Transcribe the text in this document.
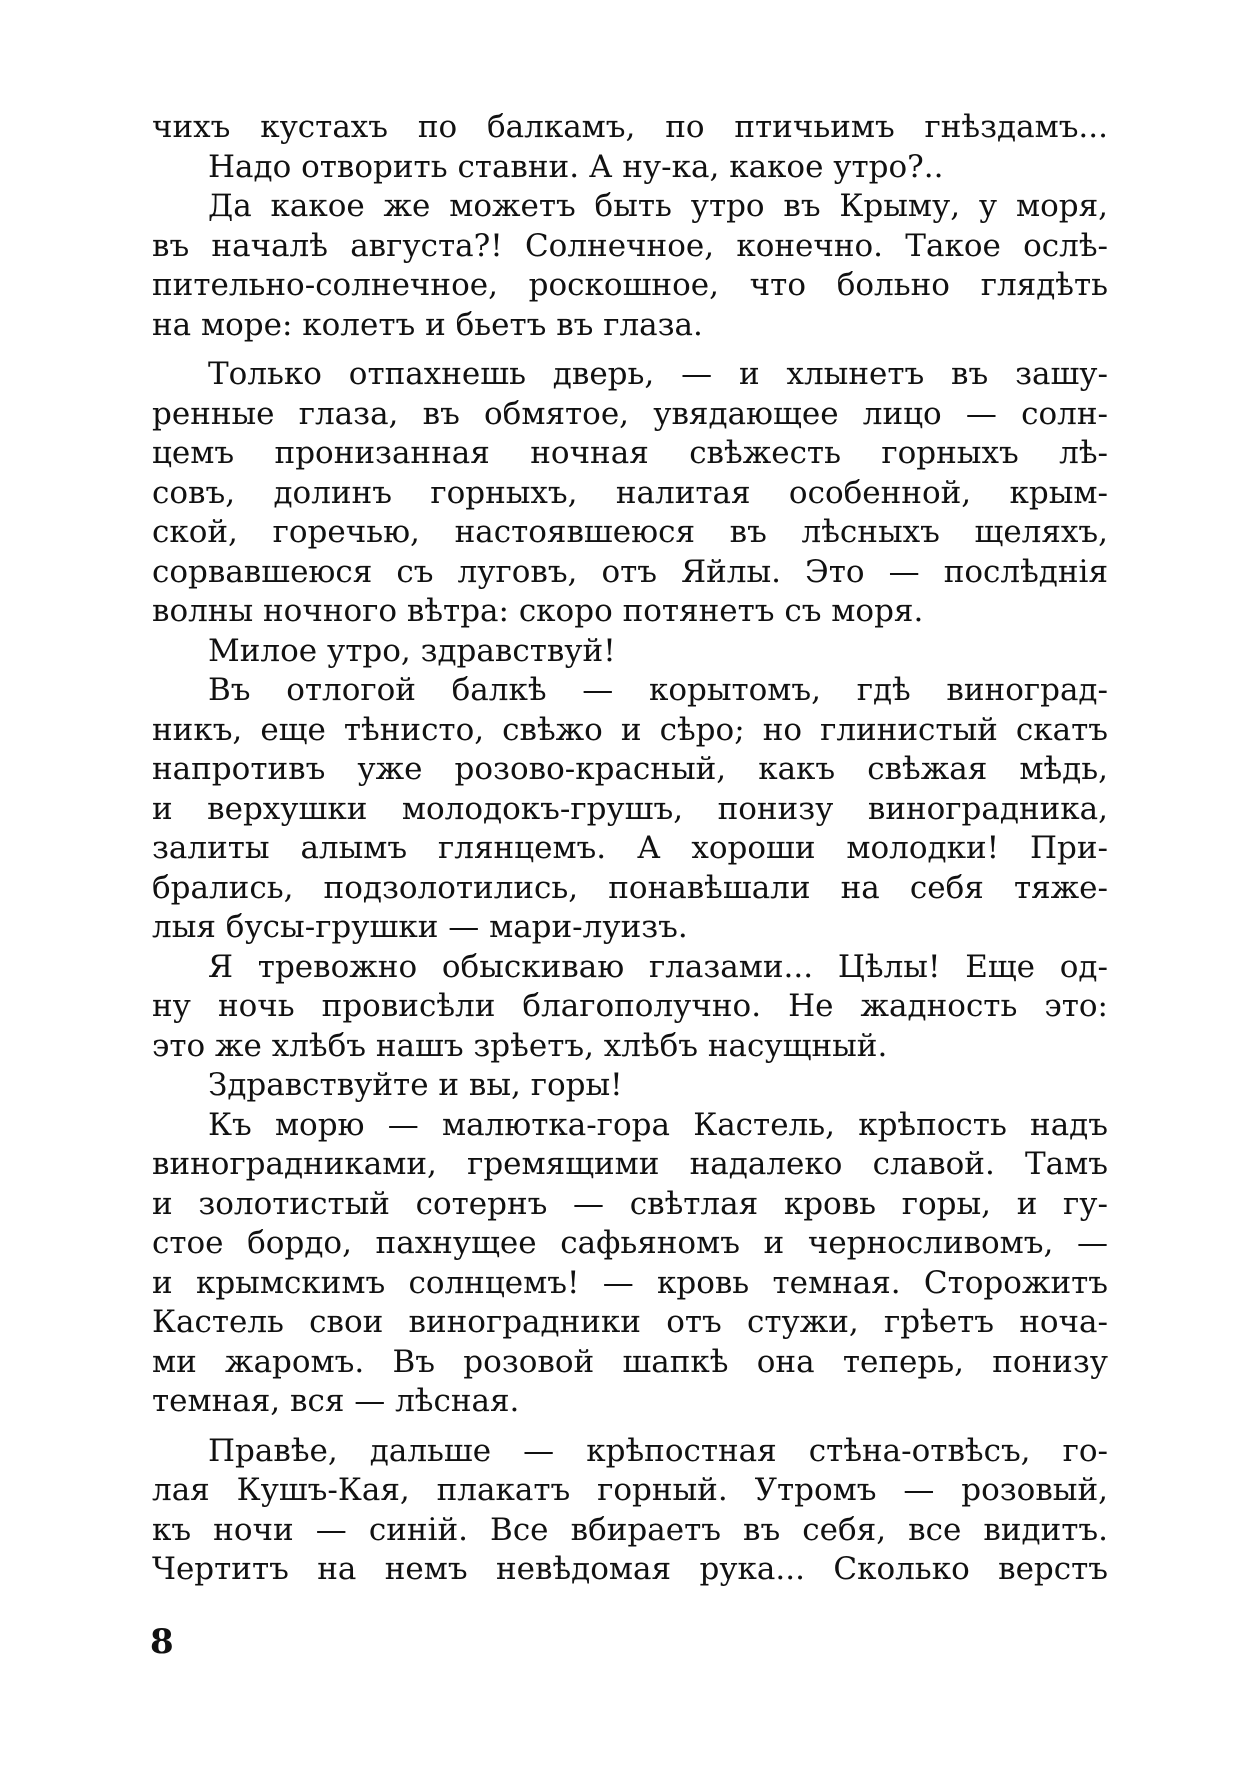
чихъ кустахъ по балкамъ, по птичьимъ гнѣздамъ...
Надо отворить ставни. А ну-ка, какое утро?..
Да какое же можетъ быть утро въ Крыму, у моря,
въ началѣ августа?! Солнечное, конечно. Такое ослѣ-
пительно-солнечное, роскошное, что больно глядѣть
на море: колетъ и бьетъ въ глаза.
Только отпахнешь дверь, — и хлынетъ въ зашу-
ренные глаза, въ обмятое, увядающее лицо — солн-
цемъ пронизанная ночная свѣжесть горныхъ лѣ-
совъ, долинъ горныхъ, налитая особенной, крым-
ской, горечью, настоявшеюся въ лѣсныхъ щеляхъ,
сорвавшеюся съ луговъ, отъ Яйлы. Это — послѣднія
волны ночного вѣтра: скоро потянетъ съ моря.
Милое утро, здравствуй!
Въ отлогой балкѣ — корытомъ, гдѣ виноград-
никъ, еще тѣнисто, свѣжо и сѣро; но глинистый скатъ
напротивъ уже розово-красный, какъ свѣжая мѣдь,
и верхушки молодокъ-грушъ, понизу виноградника,
залиты алымъ глянцемъ. А хороши молодки! При-
брались, подзолотились, понавѣшали на себя тяже-
лыя бусы-грушки — мари-луизъ.
Я тревожно обыскиваю глазами... Цѣлы! Еще од-
ну ночь провисѣли благополучно. Не жадность это:
это же хлѣбъ нашъ зрѣетъ, хлѣбъ насущный.
Здравствуйте и вы, горы!
Къ морю — малютка-гора Кастель, крѣпость надъ
виноградниками, гремящими надалеко славой. Тамъ
и золотистый сотернъ — свѣтлая кровь горы, и гу-
стое бордо, пахнущее сафьяномъ и черносливомъ, —
и крымскимъ солнцемъ! — кровь темная. Сторожитъ
Кастель свои виноградники отъ стужи, грѣетъ ноча-
ми жаромъ. Въ розовой шапкѣ она теперь, понизу
темная, вся — лѣсная.
Правѣе, дальше — крѣпостная стѣна-отвѣсъ, го-
лая Кушъ-Кая, плакатъ горный. Утромъ — розовый,
къ ночи — синій. Все вбираетъ въ себя, все видитъ.
Чертитъ на немъ невѣдомая рука... Сколько верстъ
8
